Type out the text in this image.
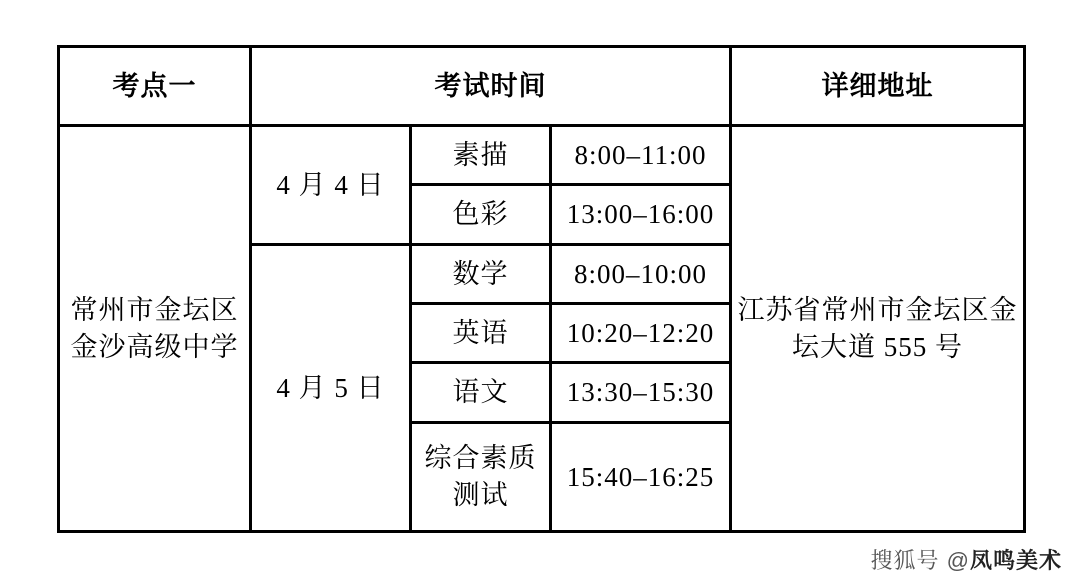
考点一	考试时间			详细地址
常州市金坛区金沙高级中学	4 月 4 日	素描	8:00–11:00	江苏省常州市金坛区金坛大道 555 号
		色彩	13:00–16:00	
	4 月 5 日	数学	8:00–10:00	
		英语	10:20–12:20	
		语文	13:30–15:30	
		综合素质测试	15:40–16:25	
搜狐号 @凤鸣美术
